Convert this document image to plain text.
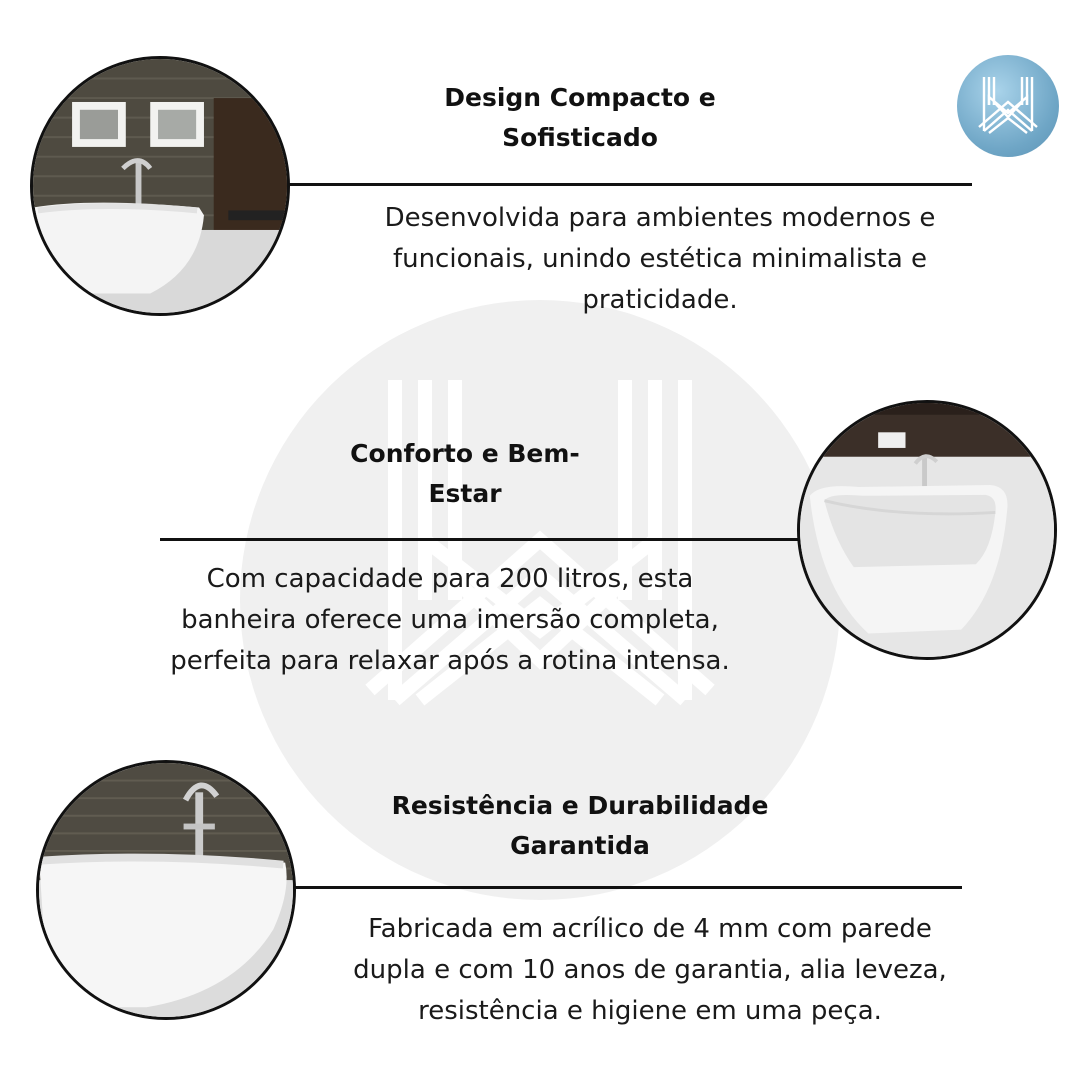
Design Compacto e
Sofisticado
Desenvolvida para ambientes modernos e
funcionais, unindo estética minimalista e
praticidade.
Conforto e Bem-
Estar
Com capacidade para 200 litros, esta
banheira oferece uma imersão completa,
perfeita para relaxar após a rotina intensa.
Resistência e Durabilidade
Garantida
Fabricada em acrílico de 4 mm com parede
dupla e com 10 anos de garantia, alia leveza,
resistência e higiene em uma peça.
